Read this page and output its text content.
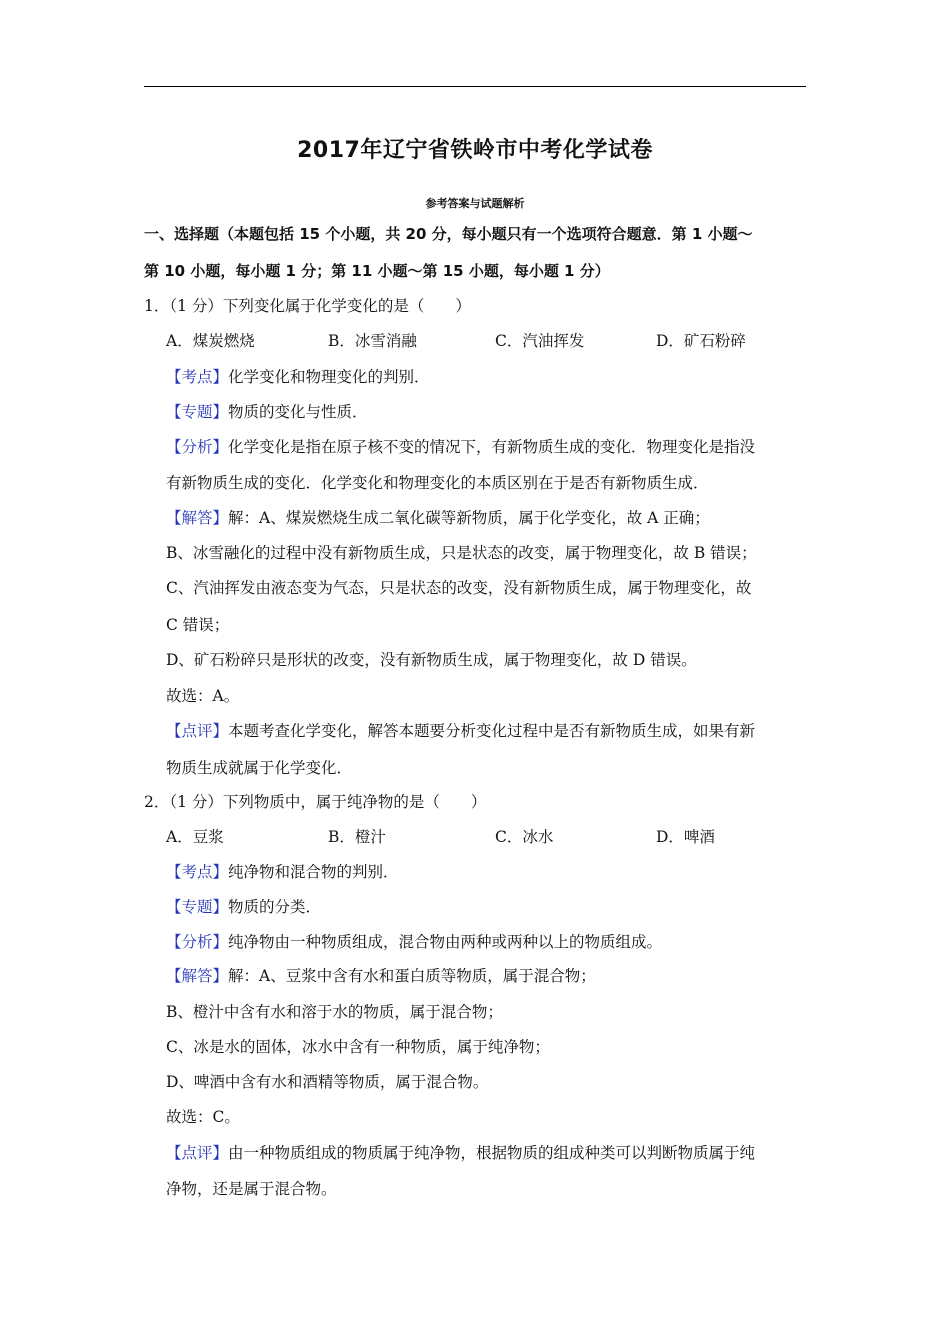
2017年辽宁省铁岭市中考化学试卷
参考答案与试题解析
一、选择题（本题包括 15 个小题，共 20 分，每小题只有一个选项符合题意．第 1 小题～
第 10 小题，每小题 1 分；第 11 小题～第 15 小题，每小题 1 分）
1．（1 分）下列变化属于化学变化的是（　　）
A．煤炭燃烧	B．冰雪消融	C．汽油挥发	D．矿石粉碎
【考点】化学变化和物理变化的判别．
【专题】物质的变化与性质．
【分析】化学变化是指在原子核不变的情况下，有新物质生成的变化．物理变化是指没
有新物质生成的变化．化学变化和物理变化的本质区别在于是否有新物质生成．
【解答】解：A、煤炭燃烧生成二氧化碳等新物质，属于化学变化，故 A 正确；
B、冰雪融化的过程中没有新物质生成，只是状态的改变，属于物理变化，故 B 错误；
C、汽油挥发由液态变为气态，只是状态的改变，没有新物质生成，属于物理变化，故
C 错误；
D、矿石粉碎只是形状的改变，没有新物质生成，属于物理变化，故 D 错误。
故选：A。
【点评】本题考查化学变化，解答本题要分析变化过程中是否有新物质生成，如果有新
物质生成就属于化学变化．
2．（1 分）下列物质中，属于纯净物的是（　　）
A．豆浆	B．橙汁	C．冰水	D．啤酒
【考点】纯净物和混合物的判别．
【专题】物质的分类．
【分析】纯净物由一种物质组成，混合物由两种或两种以上的物质组成。
【解答】解：A、豆浆中含有水和蛋白质等物质，属于混合物；
B、橙汁中含有水和溶于水的物质，属于混合物；
C、冰是水的固体，冰水中含有一种物质，属于纯净物；
D、啤酒中含有水和酒精等物质，属于混合物。
故选：C。
【点评】由一种物质组成的物质属于纯净物，根据物质的组成种类可以判断物质属于纯
净物，还是属于混合物。
